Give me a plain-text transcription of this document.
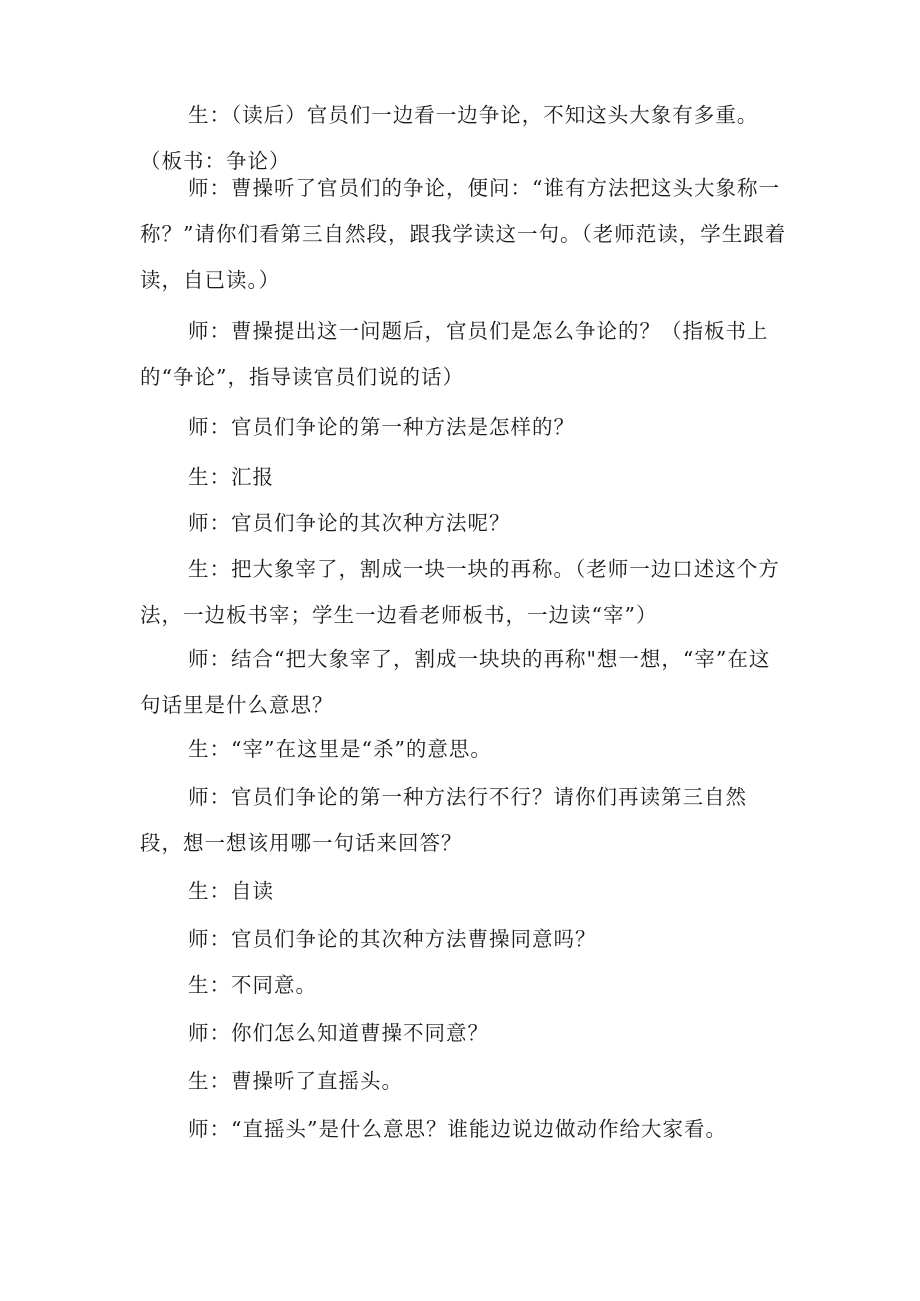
生：（读后）官员们一边看一边争论，不知这头大象有多重。（板书：争论）

师：曹操听了官员们的争论，便问：“谁有方法把这头大象称一称？”请你们看第三自然段，跟我学读这一句。（老师范读，学生跟着读，自已读。）

师：曹操提出这一问题后，官员们是怎么争论的？（指板书上的“争论”，指导读官员们说的话）

师：官员们争论的第一种方法是怎样的？

生：汇报

师：官员们争论的其次种方法呢？

生：把大象宰了，割成一块一块的再称。（老师一边口述这个方法，一边板书宰；学生一边看老师板书，一边读“宰”）

师：结合“把大象宰了，割成一块块的再称"想一想，“宰”在这句话里是什么意思？

生：“宰”在这里是“杀”的意思。

师：官员们争论的第一种方法行不行？请你们再读第三自然段，想一想该用哪一句话来回答？

生：自读

师：官员们争论的其次种方法曹操同意吗？

生：不同意。

师：你们怎么知道曹操不同意？

生：曹操听了直摇头。

师：“直摇头”是什么意思？谁能边说边做动作给大家看。
